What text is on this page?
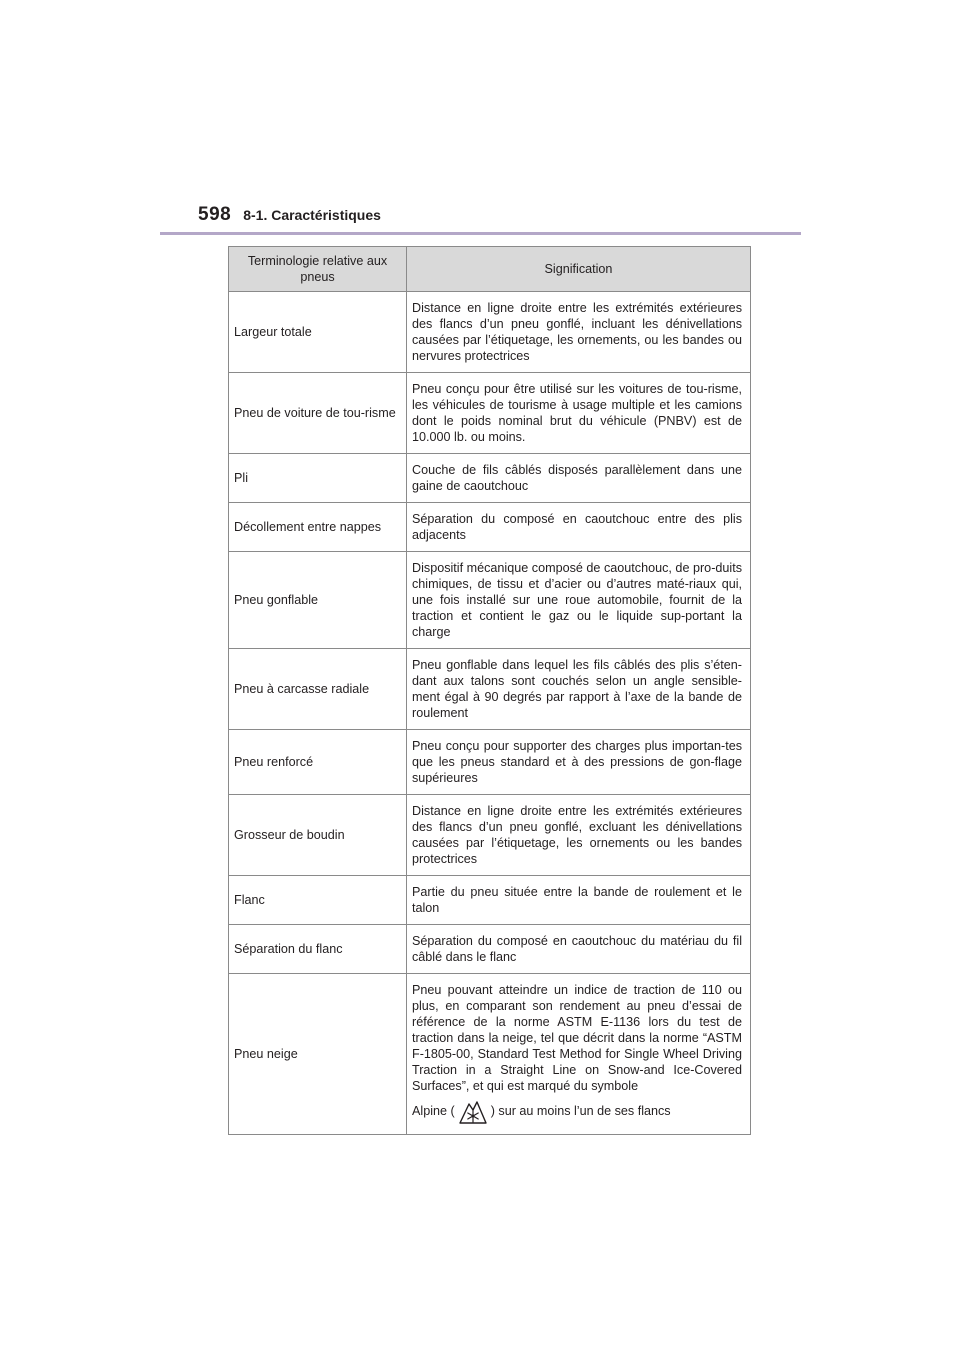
598 8-1. Caractéristiques
Terminologie relative aux pneus	Signification
Largeur totale	Distance en ligne droite entre les extrémités extérieures des flancs d’un pneu gonflé, incluant les dénivellations causées par l’étiquetage, les ornements, ou les bandes ou nervures protectrices
Pneu de voiture de tou-risme	Pneu conçu pour être utilisé sur les voitures de tou-risme, les véhicules de tourisme à usage multiple et les camions dont le poids nominal brut du véhicule (PNBV) est de 10.000 lb. ou moins.
Pli	Couche de fils câblés disposés parallèlement dans une gaine de caoutchouc
Décollement entre nappes	Séparation du composé en caoutchouc entre des plis adjacents
Pneu gonflable	Dispositif mécanique composé de caoutchouc, de pro-duits chimiques, de tissu et d’acier ou d’autres maté-riaux qui, une fois installé sur une roue automobile, fournit de la traction et contient le gaz ou le liquide sup-portant la charge
Pneu à carcasse radiale	Pneu gonflable dans lequel les fils câblés des plis s’éten-dant aux talons sont couchés selon un angle sensible-ment égal à 90 degrés par rapport à l’axe de la bande de roulement
Pneu renforcé	Pneu conçu pour supporter des charges plus importan-tes que les pneus standard et à des pressions de gon-flage supérieures
Grosseur de boudin	Distance en ligne droite entre les extrémités extérieures des flancs d’un pneu gonflé, excluant les dénivellations causées par l’étiquetage, les ornements ou les bandes protectrices
Flanc	Partie du pneu située entre la bande de roulement et le talon
Séparation du flanc	Séparation du composé en caoutchouc du matériau du fil câblé dans le flanc
Pneu neige	Pneu pouvant atteindre un indice de traction de 110 ou plus, en comparant son rendement au pneu d’essai de référence de la norme ASTM E-1136 lors du test de traction dans la neige, tel que décrit dans la norme “ASTM F-1805-00, Standard Test Method for Single Wheel Driving Traction in a Straight Line on Snow-and Ice-Covered Surfaces”, et qui est marqué du symbole
Alpine ( ) sur au moins l’un de ses flancs
